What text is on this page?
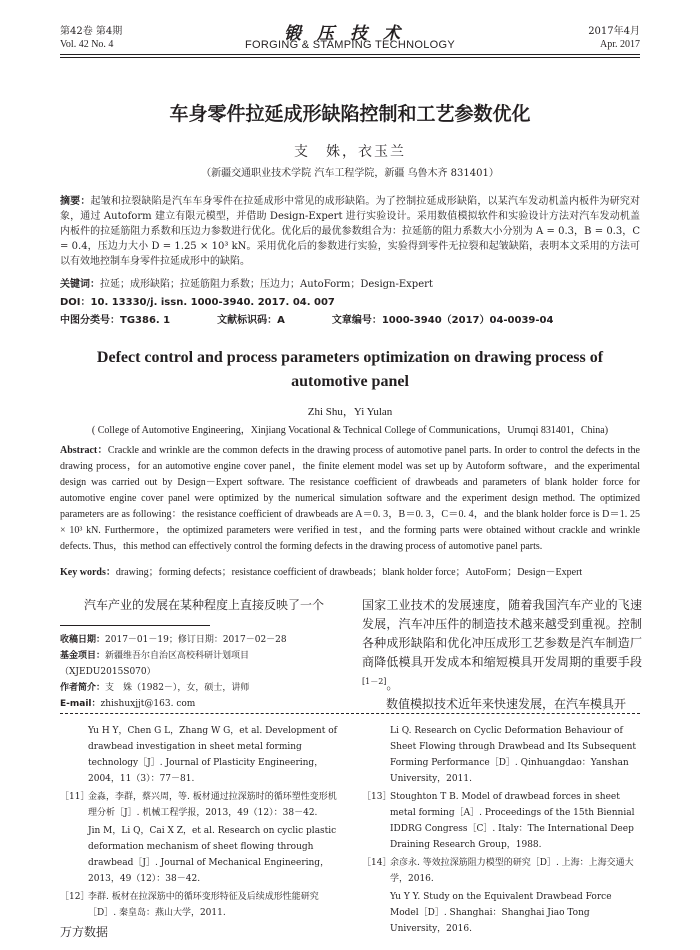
第42卷 第4期
Vol. 42 No. 4
锻压技术
FORGING & STAMPING TECHNOLOGY
2017年4月
Apr. 2017
车身零件拉延成形缺陷控制和工艺参数优化
支　姝，衣玉兰
（新疆交通职业技术学院 汽车工程学院，新疆 乌鲁木齐 831401）
摘要：起皱和拉裂缺陷是汽车车身零件在拉延成形中常见的成形缺陷。为了控制拉延成形缺陷，以某汽车发动机盖内板件为研究对象，通过 Autoform 建立有限元模型，并借助 Design-Expert 进行实验设计。采用数值模拟软件和实验设计方法对汽车发动机盖内板件的拉延筋阻力系数和压边力参数进行优化。优化后的最优参数组合为：拉延筋的阻力系数大小分别为 A = 0.3，B = 0.3，C = 0.4，压边力大小 D = 1.25 × 10³ kN。采用优化后的参数进行实验，实验得到零件无拉裂和起皱缺陷，表明本文采用的方法可以有效地控制车身零件拉延成形中的缺陷。
关键词：拉延；成形缺陷；拉延筋阻力系数；压边力；AutoForm；Design-Expert
DOI：10. 13330/j. issn. 1000-3940. 2017. 04. 007
中图分类号：TG386. 1	文献标识码：A	文章编号：1000-3940（2017）04-0039-04
Defect control and process parameters optimization on drawing process of automotive panel
Zhi Shu，Yi Yulan
( College of Automotive Engineering，Xinjiang Vocational & Technical College of Communications，Urumqi 831401，China)
Abstract：Crackle and wrinkle are the common defects in the drawing process of automotive panel parts. In order to control the defects in the drawing process，for an automotive engine cover panel，the finite element model was set up by Autoform software，and the experimental design was carried out by Design－Expert software. The resistance coefficient of drawbeads and parameters of blank holder force for automotive engine cover panel were optimized by the numerical simulation software and the experiment design method. The optimized parameters are as following：the resistance coefficient of drawbeads are A＝0. 3，B＝0. 3，C＝0. 4，and the blank holder force is D＝1. 25 × 10³ kN. Furthermore，the optimized parameters were verified in test，and the forming parts were obtained without crackle and wrinkle defects. Thus，this method can effectively control the forming defects in the drawing process of automotive panel parts.
Key words：drawing；forming defects；resistance coefficient of drawbeads；blank holder force；AutoForm；Design－Expert
汽车产业的发展在某种程度上直接反映了一个
收稿日期：2017－01－19；修订日期：2017－02－28
基金项目：新疆维吾尔自治区高校科研计划项目（XJEDU2015S070）
作者简介：支　姝（1982－），女，硕士，讲师
E-mail：zhishuxjjt@163. com
国家工业技术的发展速度，随着我国汽车产业的飞速发展，汽车冲压件的制造技术越来越受到重视。控制各种成形缺陷和优化冲压成形工艺参数是汽车制造厂商降低模具开发成本和缩短模具开发周期的重要手段[1－2]。
数值模拟技术近年来快速发展，在汽车模具开
Yu H Y，Chen G L，Zhang W G，et al. Development of drawbead investigation in sheet metal forming technology［J］. Journal of Plasticity Engineering，2004，11（3）：77－81.
［11］
金淼，李群，蔡兴周，等. 板材通过拉深筋时的循环塑性变形机理分析［J］. 机械工程学报，2013，49（12）：38－42.
Jin M，Li Q，Cai X Z，et al. Research on cyclic plastic deformation mechanism of sheet flowing through drawbead［J］. Journal of Mechanical Engineering，2013，49（12）：38－42.
［12］
李群. 板材在拉深筋中的循环变形特征及后续成形性能研究［D］. 秦皇岛：燕山大学，2011.
Li Q. Research on Cyclic Deformation Behaviour of Sheet Flowing through Drawbead and Its Subsequent Forming Performance［D］. Qinhuangdao：Yanshan University，2011.
［13］
Stoughton T B. Model of drawbead forces in sheet metal forming［A］. Proceedings of the 15th Biennial IDDRG Congress［C］. Italy：The International Deep Draining Research Group，1988.
［14］
余彦永. 等效拉深筋阻力模型的研究［D］. 上海：上海交通大学，2016.
Yu Y Y. Study on the Equivalent Drawbead Force Model［D］. Shanghai：Shanghai Jiao Tong University，2016.
万方数据
